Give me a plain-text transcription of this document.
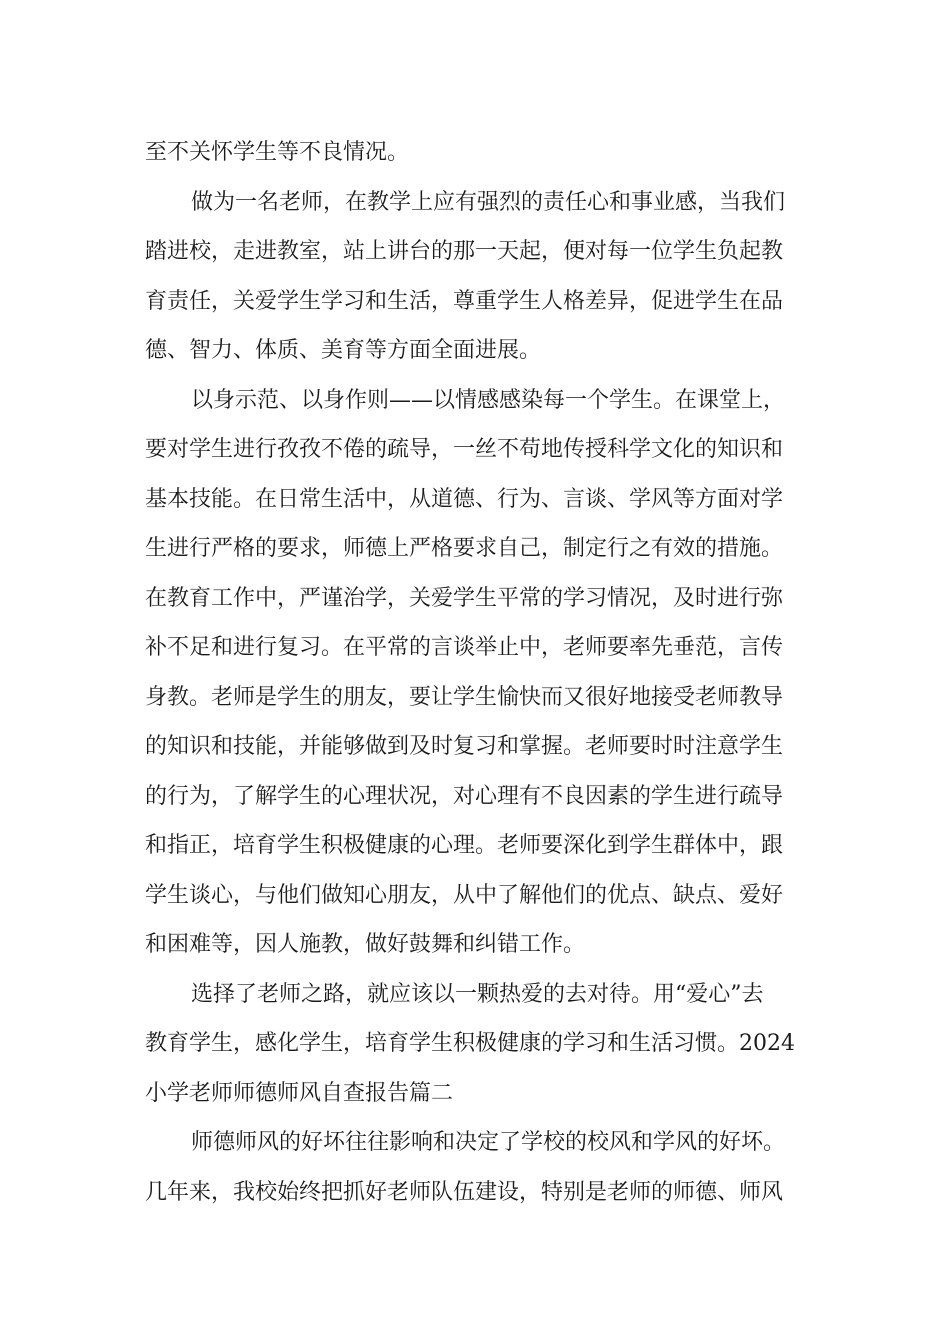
至不关怀学生等不良情况。
做为一名老师，在教学上应有强烈的责任心和事业感，当我们
踏进校，走进教室，站上讲台的那一天起，便对每一位学生负起教
育责任，关爱学生学习和生活，尊重学生人格差异，促进学生在品
德、智力、体质、美育等方面全面进展。
以身示范、以身作则——以情感感染每一个学生。在课堂上，
要对学生进行孜孜不倦的疏导，一丝不苟地传授科学文化的知识和
基本技能。在日常生活中，从道德、行为、言谈、学风等方面对学
生进行严格的要求，师德上严格要求自己，制定行之有效的措施。
在教育工作中，严谨治学，关爱学生平常的学习情况，及时进行弥
补不足和进行复习。在平常的言谈举止中，老师要率先垂范，言传
身教。老师是学生的朋友，要让学生愉快而又很好地接受老师教导
的知识和技能，并能够做到及时复习和掌握。老师要时时注意学生
的行为，了解学生的心理状况，对心理有不良因素的学生进行疏导
和指正，培育学生积极健康的心理。老师要深化到学生群体中，跟
学生谈心，与他们做知心朋友，从中了解他们的优点、缺点、爱好
和困难等，因人施教，做好鼓舞和纠错工作。
选择了老师之路，就应该以一颗热爱的去对待。用“爱心”去
教育学生，感化学生，培育学生积极健康的学习和生活习惯。2024
小学老师师德师风自查报告篇二
师德师风的好坏往往影响和决定了学校的校风和学风的好坏。
几年来，我校始终把抓好老师队伍建设，特别是老师的师德、师风
